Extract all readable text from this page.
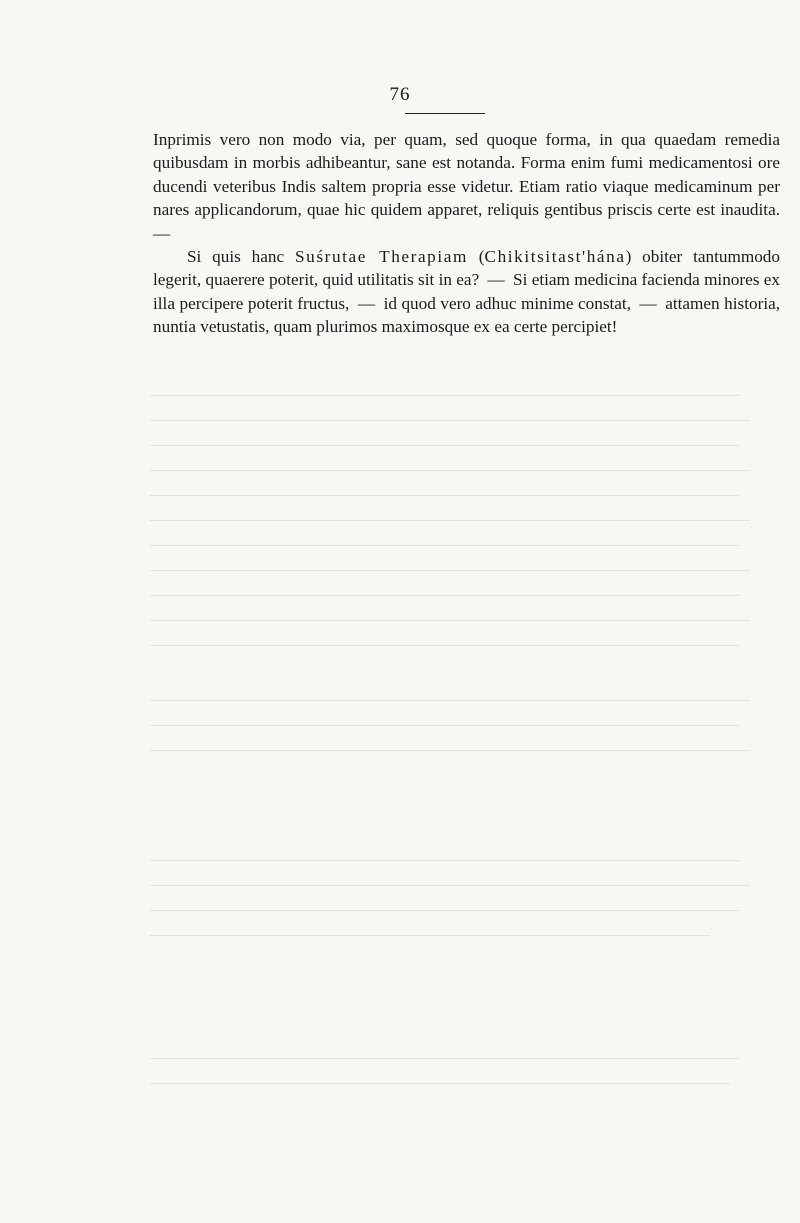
76

Inprimis vero non modo via, per quam, sed quoque forma, in qua quaedam remedia quibusdam in morbis adhibeantur, sane est notanda. Forma enim fumi medicamentosi ore ducendi veteribus Indis saltem propria esse videtur. Etiam ratio viaque medicaminum per nares applicandorum, quae hic quidem apparet, reliquis gentibus priscis certe est inaudita. —

Si quis hanc Suśrutae Therapiam (Chikitsitast'hána) obiter tantummodo legerit, quaerere poterit, quid utilitatis sit in ea? — Si etiam medicina facienda minores ex illa percipere poterit fructus, — id quod vero adhuc minime constat, — attamen historia, nuntia vetustatis, quam plurimos maximosque ex ea certe percipiet!
